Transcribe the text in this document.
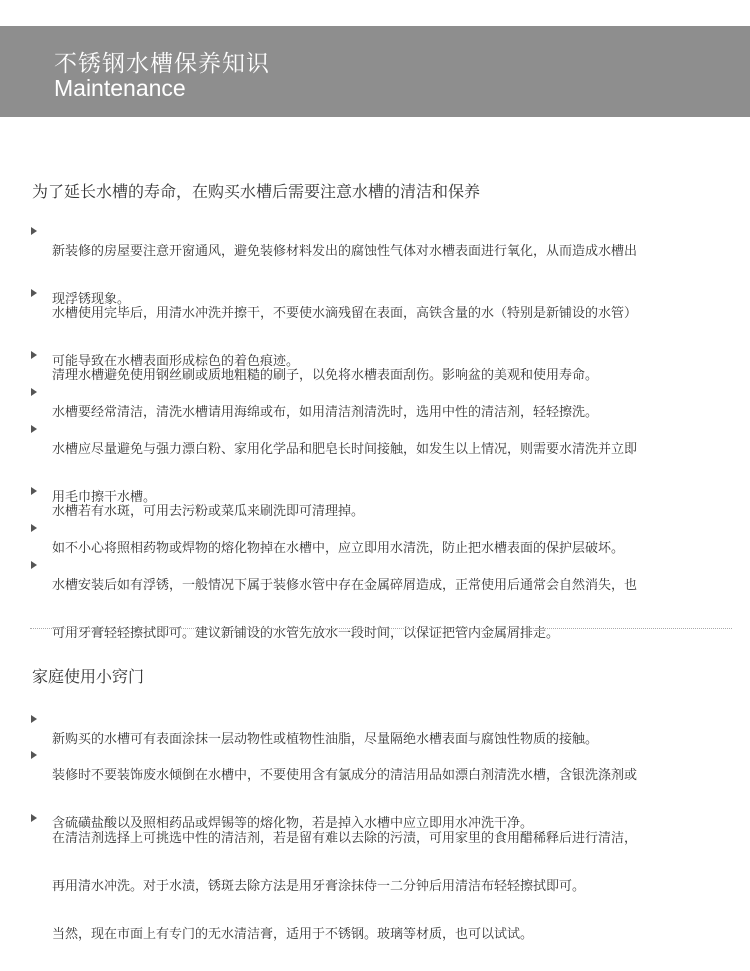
不锈钢水槽保养知识
Maintenance
为了延长水槽的寿命，在购买水槽后需要注意水槽的清洁和保养

新装修的房屋要注意开窗通风，避免装修材料发出的腐蚀性气体对水槽表面进行氧化，从而造成水槽出

现浮锈现象。

水槽使用完毕后，用清水冲洗并擦干，不要使水滴残留在表面，高铁含量的水（特别是新铺设的水管）

可能导致在水槽表面形成棕色的着色痕迹。

清理水槽避免使用钢丝刷或质地粗糙的刷子，以免将水槽表面刮伤。影响盆的美观和使用寿命。

水槽要经常清洁，清洗水槽请用海绵或布，如用清洁剂清洗时，选用中性的清洁剂，轻轻擦洗。

水槽应尽量避免与强力漂白粉、家用化学品和肥皂长时间接触，如发生以上情况，则需要水清洗并立即

用毛巾擦干水槽。

水槽若有水斑，可用去污粉或菜瓜来刷洗即可清理掉。

如不小心将照相药物或焊物的熔化物掉在水槽中，应立即用水清洗，防止把水槽表面的保护层破坏。

水槽安装后如有浮锈，一般情况下属于装修水管中存在金属碎屑造成，正常使用后通常会自然消失，也

可用牙膏轻轻擦拭即可。建议新铺设的水管先放水一段时间，以保证把管内金属屑排走。

家庭使用小窍门

新购买的水槽可有表面涂抹一层动物性或植物性油脂，尽量隔绝水槽表面与腐蚀性物质的接触。

装修时不要装饰废水倾倒在水槽中，不要使用含有氯成分的清洁用品如漂白剂清洗水槽，含银洗涤剂或

含硫磺盐酸以及照相药品或焊锡等的熔化物，若是掉入水槽中应立即用水冲洗干净。

在清洁剂选择上可挑选中性的清洁剂，若是留有难以去除的污渍，可用家里的食用醋稀释后进行清洁，

再用清水冲洗。对于水渍，锈斑去除方法是用牙膏涂抹侍一二分钟后用清洁布轻轻擦拭即可。

当然，现在市面上有专门的无水清洁膏，适用于不锈钢。玻璃等材质，也可以试试。
